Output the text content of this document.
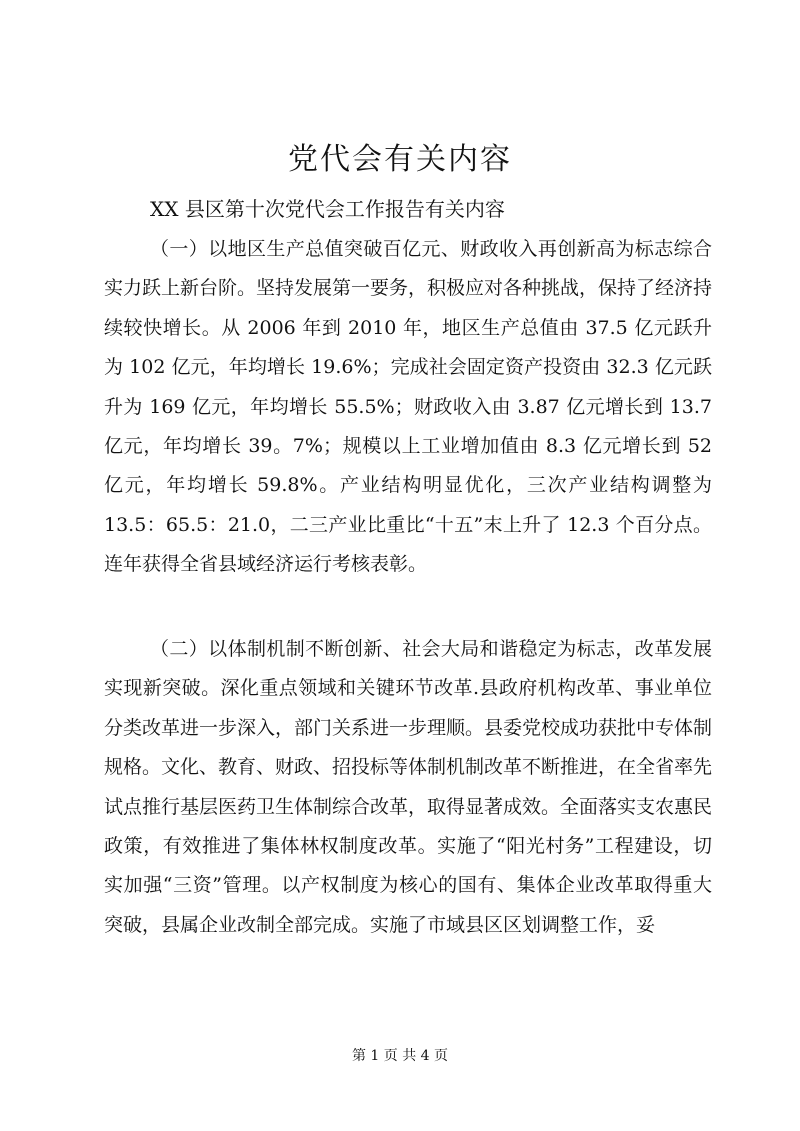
党代会有关内容

XX 县区第十次党代会工作报告有关内容

（一）以地区生产总值突破百亿元、财政收入再创新高为标志综合实力跃上新台阶。坚持发展第一要务，积极应对各种挑战，保持了经济持续较快增长。从 2006 年到 2010 年，地区生产总值由 37.5 亿元跃升为 102 亿元，年均增长 19.6%；完成社会固定资产投资由 32.3 亿元跃升为 169 亿元，年均增长 55.5%；财政收入由 3.87 亿元增长到 13.7 亿元，年均增长 39。7%；规模以上工业增加值由 8.3 亿元增长到 52 亿元，年均增长 59.8%。产业结构明显优化，三次产业结构调整为 13.5：65.5：21.0，二三产业比重比“十五”末上升了 12.3 个百分点。连年获得全省县域经济运行考核表彰。

（二）以体制机制不断创新、社会大局和谐稳定为标志，改革发展实现新突破。深化重点领域和关键环节改革.县政府机构改革、事业单位分类改革进一步深入，部门关系进一步理顺。县委党校成功获批中专体制规格。文化、教育、财政、招投标等体制机制改革不断推进，在全省率先试点推行基层医药卫生体制综合改革，取得显著成效。全面落实支农惠民政策，有效推进了集体林权制度改革。实施了“阳光村务”工程建设，切实加强“三资”管理。以产权制度为核心的国有、集体企业改革取得重大突破，县属企业改制全部完成。实施了市域县区区划调整工作，妥

第 1 页 共 4 页
